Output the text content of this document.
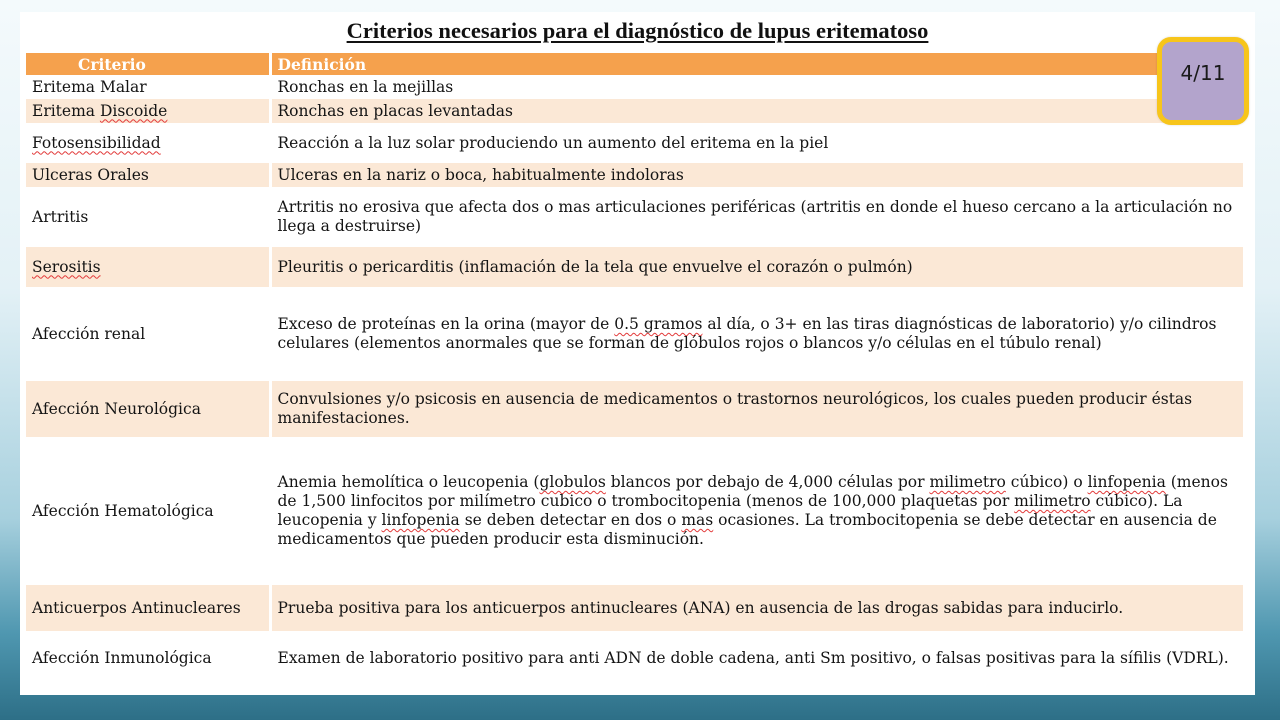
Criterios necesarios para el diagnóstico de lupus eritematoso
Criterio	Definición
Eritema Malar	Ronchas en la mejillas
Eritema Discoide	Ronchas en placas levantadas
Fotosensibilidad	Reacción a la luz solar produciendo un aumento del eritema en la piel
Ulceras Orales	Ulceras en la nariz o boca, habitualmente indoloras
Artritis	Artritis no erosiva que afecta dos o mas articulaciones periféricas (artritis en donde el hueso cercano a la articulación no llega a destruirse)
Serositis	Pleuritis o pericarditis (inflamación de la tela que envuelve el corazón o pulmón)
Afección renal	Exceso de proteínas en la orina (mayor de 0.5 gramos al día, o 3+ en las tiras diagnósticas de laboratorio) y/o cilindros celulares (elementos anormales que se forman de glóbulos rojos o blancos y/o células en el túbulo renal)
Afección Neurológica	Convulsiones y/o psicosis en ausencia de medicamentos o trastornos neurológicos, los cuales pueden producir éstas manifestaciones.
Afección Hematológica	Anemia hemolítica o leucopenia (globulos blancos por debajo de 4,000 células por milimetro cúbico) o linfopenia (menos de 1,500 linfocitos por milímetro cubico o trombocitopenia (menos de 100,000 plaquetas por milimetro cúbico). La leucopenia y linfopenia se deben detectar en dos o mas ocasiones. La trombocitopenia se debe detectar en ausencia de medicamentos que pueden producir esta disminución.
Anticuerpos Antinucleares	Prueba positiva para los anticuerpos antinucleares (ANA) en ausencia de las drogas sabidas para inducirlo.
Afección Inmunológica	Examen de laboratorio positivo para anti ADN de doble cadena, anti Sm positivo, o falsas positivas para la sífilis (VDRL).
4/11
